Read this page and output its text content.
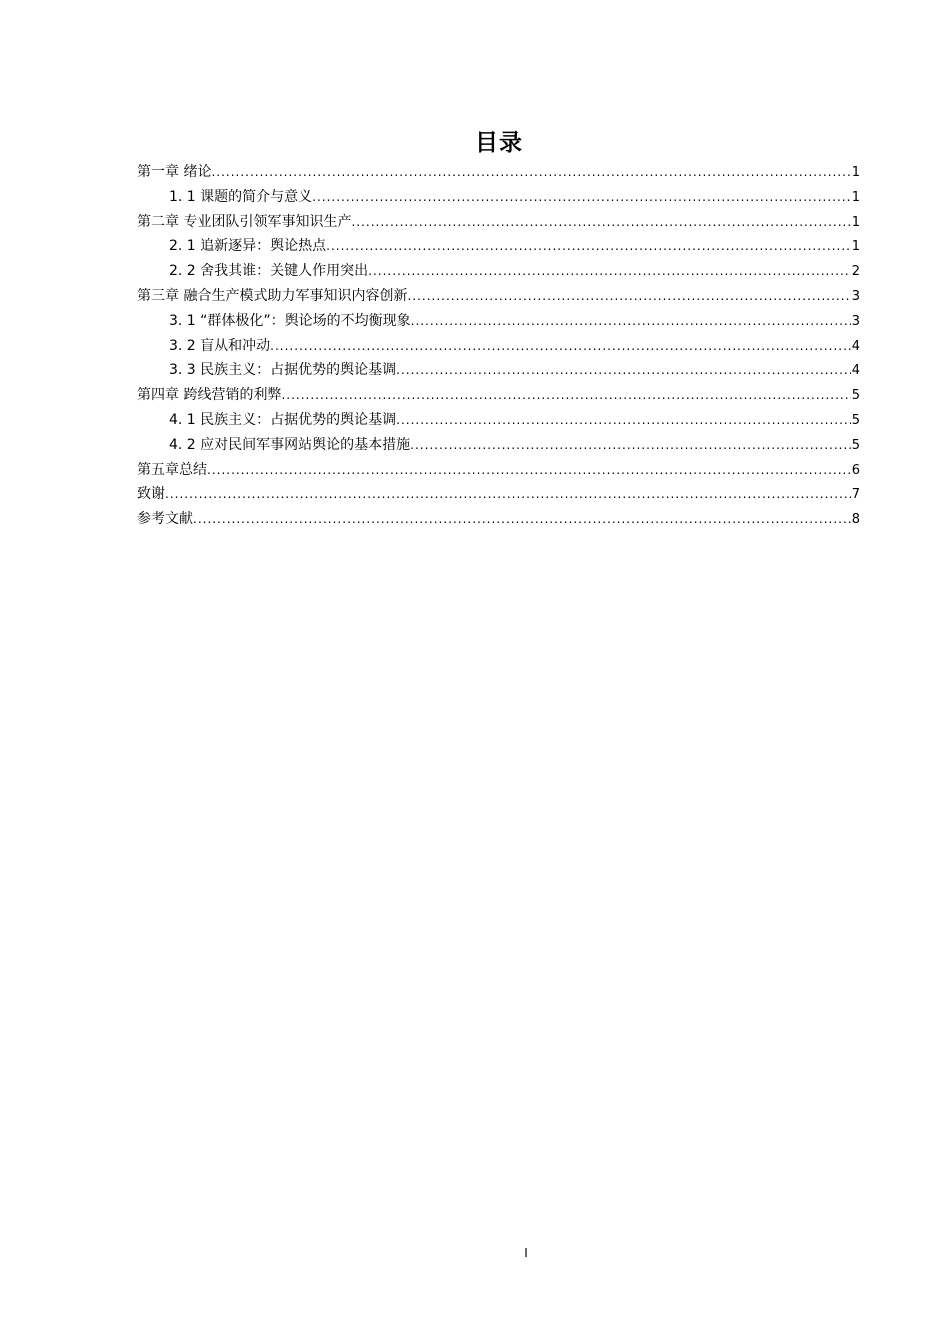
目录
第一章 绪论 .....	1
1. 1 课题的简介与意义 .....	1
第二章 专业团队引领军事知识生产 .....	1
2. 1 追新逐异：舆论热点 .....	1
2. 2 舍我其谁：关键人作用突出 .....	2
第三章 融合生产模式助力军事知识内容创新 .....	3
3. 1 “群体极化”：舆论场的不均衡现象 .....	3
3. 2 盲从和冲动 .....	4
3. 3 民族主义：占据优势的舆论基调 .....	4
第四章 跨线营销的利弊 .....	5
4. 1 民族主义：占据优势的舆论基调 .....	5
4. 2 应对民间军事网站舆论的基本措施 .....	5
第五章总结 .....	6
致谢 .....	7
参考文献 .....	8
I
